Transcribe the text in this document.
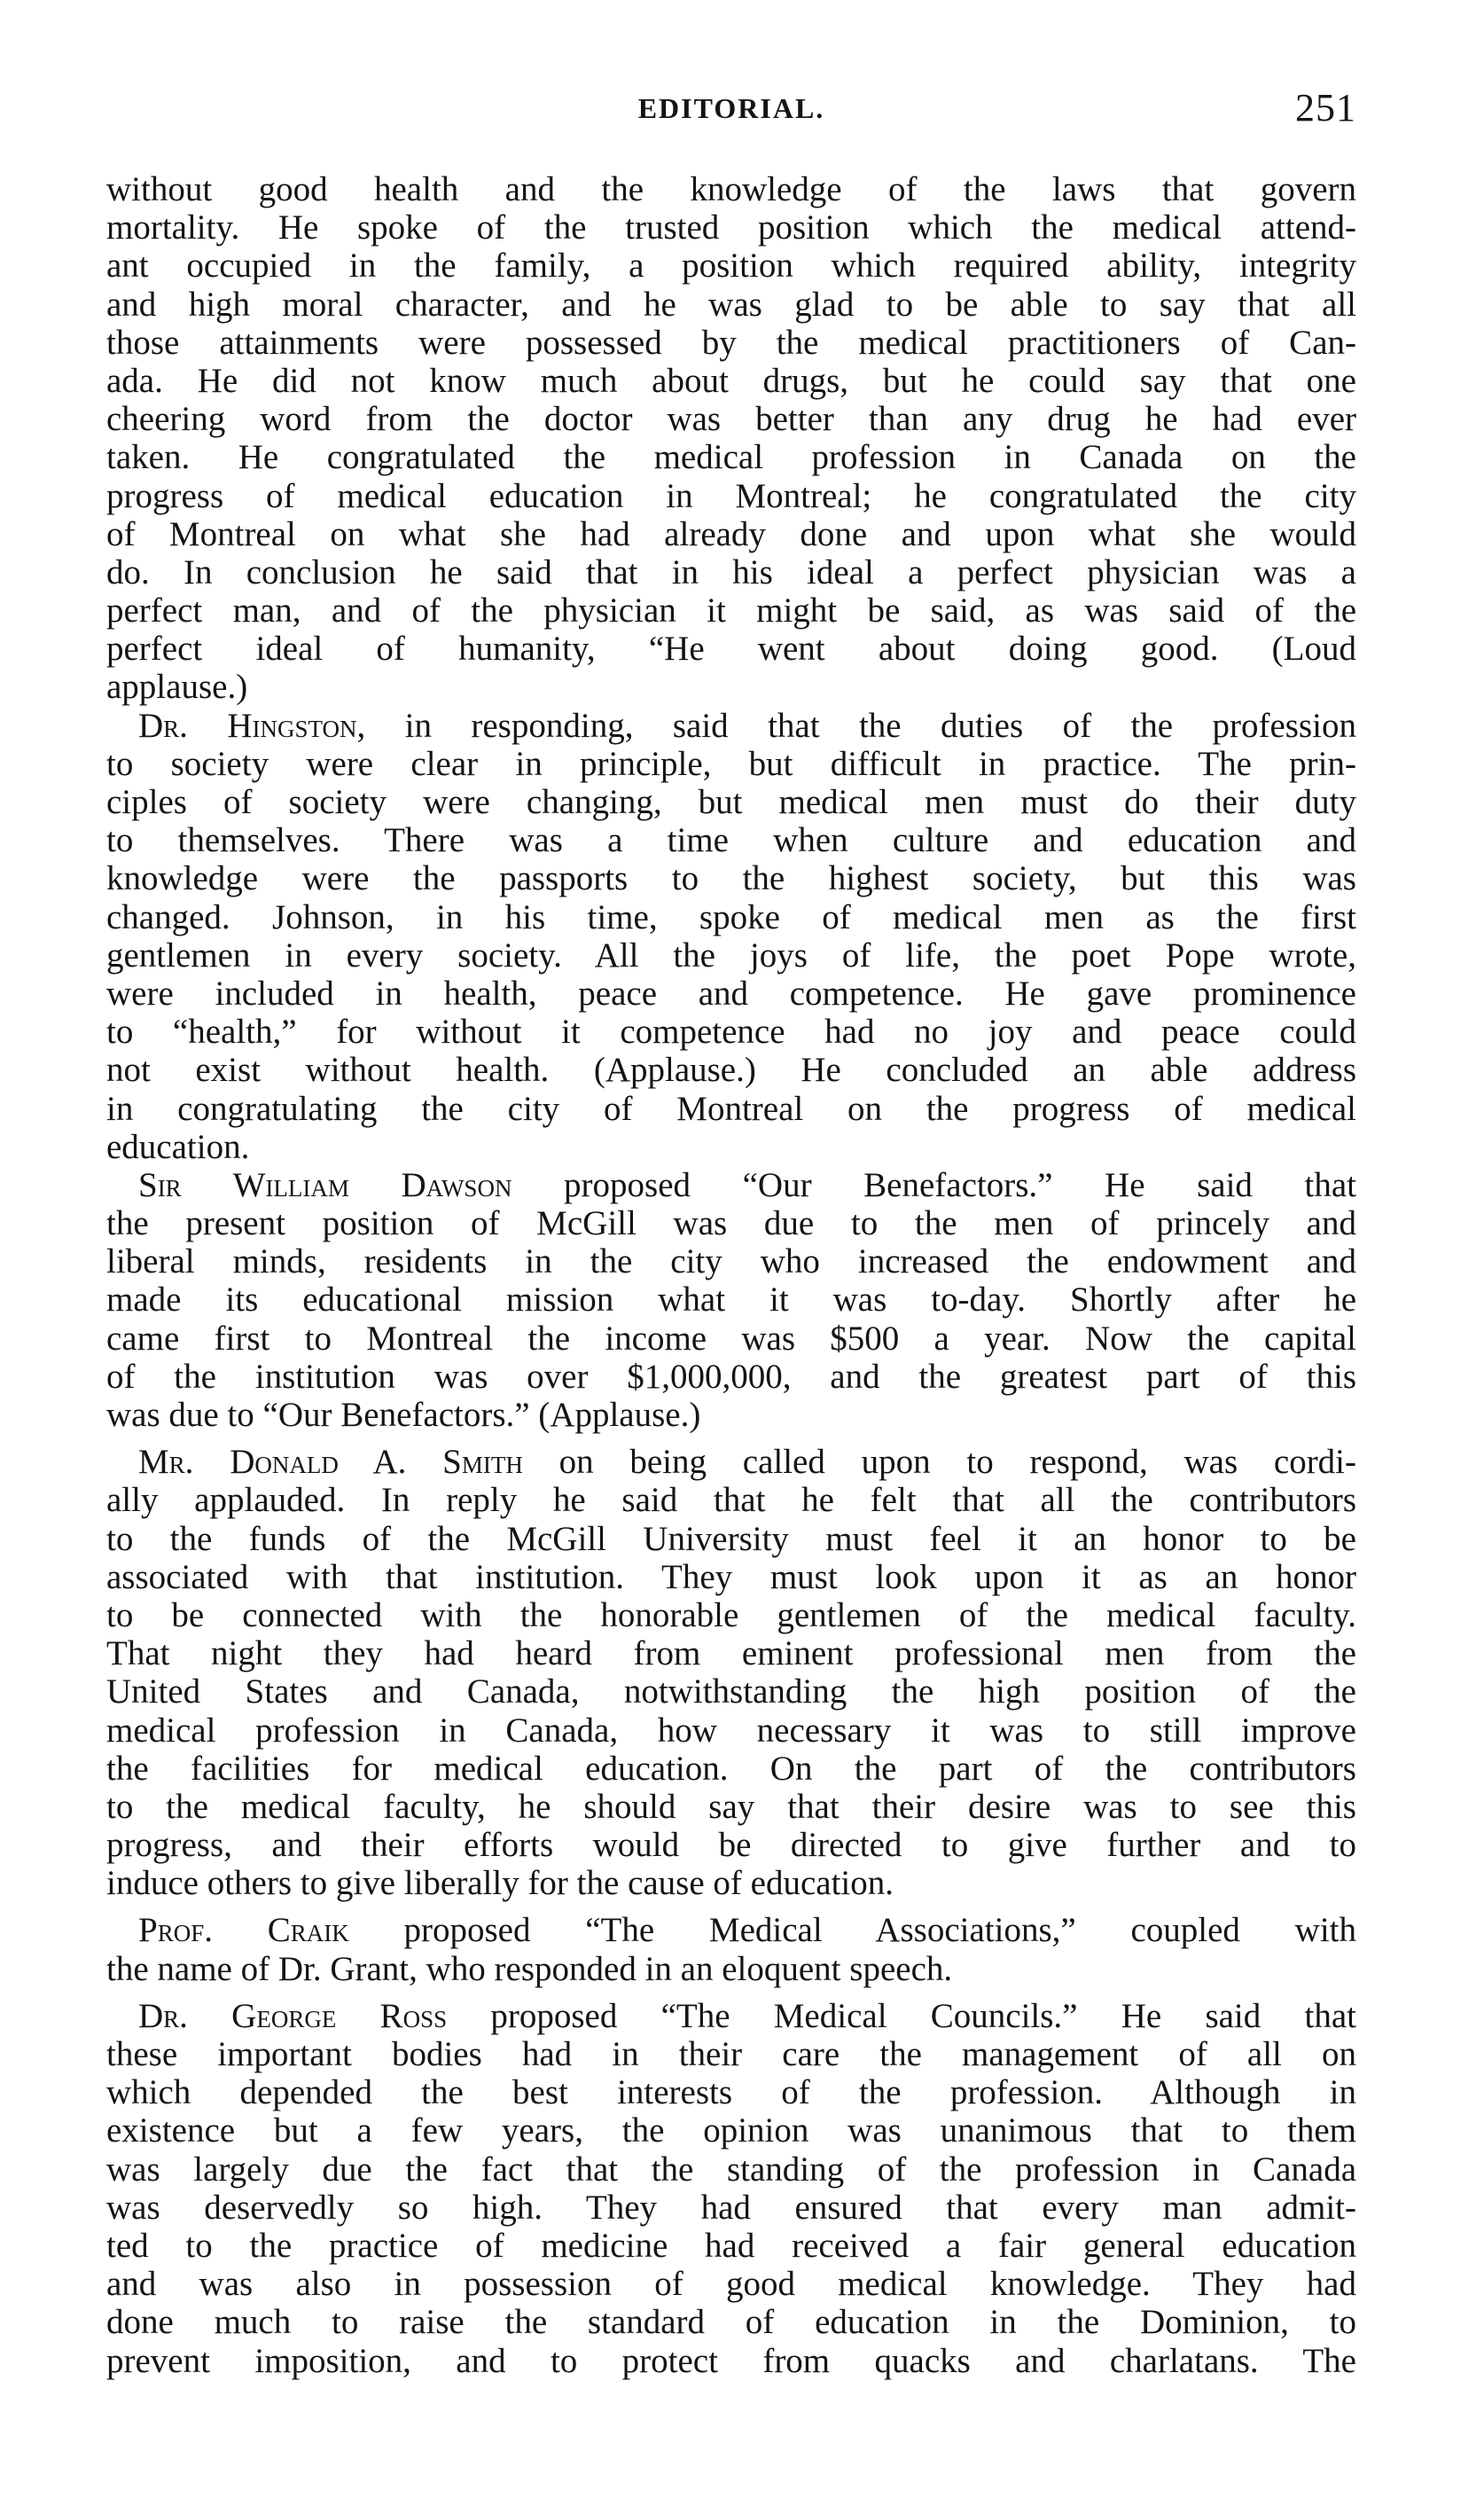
EDITORIAL.	251
without good health and the knowledge of the laws that govern
mortality. He spoke of the trusted position which the medical attend-
ant occupied in the family, a position which required ability, integrity
and high moral character, and he was glad to be able to say that all
those attainments were possessed by the medical practitioners of Can-
ada. He did not know much about drugs, but he could say that one
cheering word from the doctor was better than any drug he had ever
taken. He congratulated the medical profession in Canada on the
progress of medical education in Montreal; he congratulated the city
of Montreal on what she had already done and upon what she would
do. In conclusion he said that in his ideal a perfect physician was a
perfect man, and of the physician it might be said, as was said of the
perfect ideal of humanity, “He went about doing good. (Loud
applause.)
Dr. Hingston, in responding, said that the duties of the profession
to society were clear in principle, but difficult in practice. The prin-
ciples of society were changing, but medical men must do their duty
to themselves. There was a time when culture and education and
knowledge were the passports to the highest society, but this was
changed. Johnson, in his time, spoke of medical men as the first
gentlemen in every society. All the joys of life, the poet Pope wrote,
were included in health, peace and competence. He gave prominence
to “health,” for without it competence had no joy and peace could
not exist without health. (Applause.) He concluded an able address
in congratulating the city of Montreal on the progress of medical
education.
Sir William Dawson proposed “Our Benefactors.” He said that
the present position of McGill was due to the men of princely and
liberal minds, residents in the city who increased the endowment and
made its educational mission what it was to-day. Shortly after he
came first to Montreal the income was $500 a year. Now the capital
of the institution was over $1,000,000, and the greatest part of this
was due to “Our Benefactors.” (Applause.)
Mr. Donald A. Smith on being called upon to respond, was cordi-
ally applauded. In reply he said that he felt that all the contributors
to the funds of the McGill University must feel it an honor to be
associated with that institution. They must look upon it as an honor
to be connected with the honorable gentlemen of the medical faculty.
That night they had heard from eminent professional men from the
United States and Canada, notwithstanding the high position of the
medical profession in Canada, how necessary it was to still improve
the facilities for medical education. On the part of the contributors
to the medical faculty, he should say that their desire was to see this
progress, and their efforts would be directed to give further and to
induce others to give liberally for the cause of education.
Prof. Craik proposed “The Medical Associations,” coupled with
the name of Dr. Grant, who responded in an eloquent speech.
Dr. George Ross proposed “The Medical Councils.” He said that
these important bodies had in their care the management of all on
which depended the best interests of the profession. Although in
existence but a few years, the opinion was unanimous that to them
was largely due the fact that the standing of the profession in Canada
was deservedly so high. They had ensured that every man admit-
ted to the practice of medicine had received a fair general education
and was also in possession of good medical knowledge. They had
done much to raise the standard of education in the Dominion, to
prevent imposition, and to protect from quacks and charlatans. The
